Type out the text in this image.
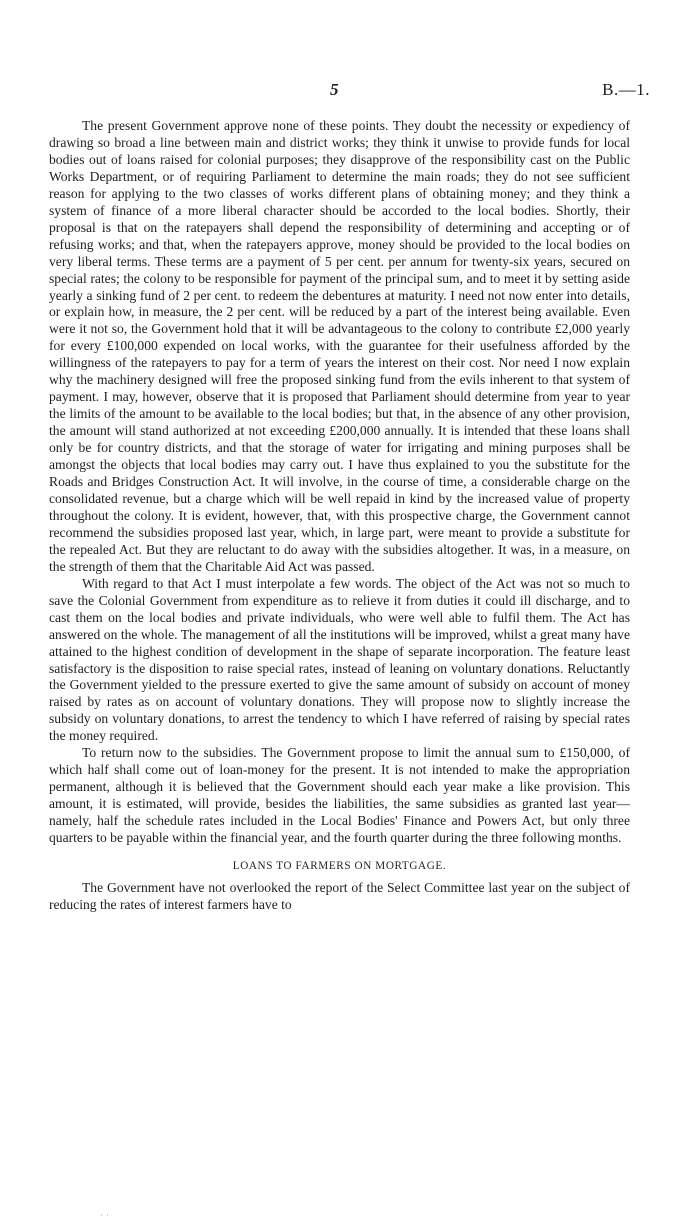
5	B.—1.

The present Government approve none of these points. They doubt the necessity or expediency of drawing so broad a line between main and district works; they think it unwise to provide funds for local bodies out of loans raised for colonial purposes; they disapprove of the responsibility cast on the Public Works Department, or of requiring Parliament to determine the main roads; they do not see sufficient reason for applying to the two classes of works different plans of obtaining money; and they think a system of finance of a more liberal character should be accorded to the local bodies. Shortly, their proposal is that on the ratepayers shall depend the responsibility of determining and accepting or of refusing works; and that, when the ratepayers approve, money should be provided to the local bodies on very liberal terms. These terms are a payment of 5 per cent. per annum for twenty-six years, secured on special rates; the colony to be responsible for payment of the principal sum, and to meet it by setting aside yearly a sinking fund of 2 per cent. to redeem the debentures at maturity. I need not now enter into details, or explain how, in measure, the 2 per cent. will be reduced by a part of the interest being available. Even were it not so, the Government hold that it will be advantageous to the colony to contribute £2,000 yearly for every £100,000 expended on local works, with the guarantee for their usefulness afforded by the willingness of the ratepayers to pay for a term of years the interest on their cost. Nor need I now explain why the machinery designed will free the proposed sinking fund from the evils inherent to that system of payment. I may, however, observe that it is proposed that Parliament should determine from year to year the limits of the amount to be available to the local bodies; but that, in the absence of any other provision, the amount will stand authorized at not exceeding £200,000 annually. It is intended that these loans shall only be for country districts, and that the storage of water for irrigating and mining purposes shall be amongst the objects that local bodies may carry out. I have thus explained to you the substitute for the Roads and Bridges Construction Act. It will involve, in the course of time, a considerable charge on the consolidated revenue, but a charge which will be well repaid in kind by the increased value of property throughout the colony. It is evident, however, that, with this prospective charge, the Government cannot recommend the subsidies proposed last year, which, in large part, were meant to provide a substitute for the repealed Act. But they are reluctant to do away with the subsidies altogether. It was, in a measure, on the strength of them that the Charitable Aid Act was passed.

With regard to that Act I must interpolate a few words. The object of the Act was not so much to save the Colonial Government from expenditure as to relieve it from duties it could ill discharge, and to cast them on the local bodies and private individuals, who were well able to fulfil them. The Act has answered on the whole. The management of all the institutions will be improved, whilst a great many have attained to the highest condition of development in the shape of separate incorporation. The feature least satisfactory is the disposition to raise special rates, instead of leaning on voluntary donations. Reluctantly the Government yielded to the pressure exerted to give the same amount of subsidy on account of money raised by rates as on account of voluntary donations. They will propose now to slightly increase the subsidy on voluntary donations, to arrest the tendency to which I have referred of raising by special rates the money required.

To return now to the subsidies. The Government propose to limit the annual sum to £150,000, of which half shall come out of loan-money for the present. It is not intended to make the appropriation permanent, although it is believed that the Government should each year make a like provision. This amount, it is estimated, will provide, besides the liabilities, the same subsidies as granted last year—namely, half the schedule rates included in the Local Bodies' Finance and Powers Act, but only three quarters to be payable within the financial year, and the fourth quarter during the three following months.

LOANS TO FARMERS ON MORTGAGE.

The Government have not overlooked the report of the Select Committee last year on the subject of reducing the rates of interest farmers have to

·  ·
